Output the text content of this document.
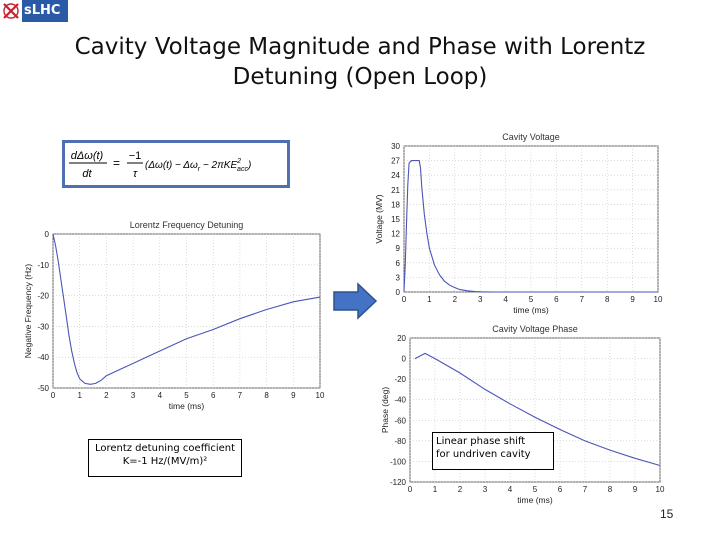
sLHC
Cavity Voltage Magnitude and Phase with Lorentz Detuning (Open Loop)
dΔω(t)
dt
= −1
τ
($\Delta\omega(t) - \Delta\omega_r - 2\pi KE^2$ acc)
0	1	2	3	4	5	6	7	8	9	10
0
-10
-20
-30
-40
-50
Lorentz Frequency Detuning
time (ms)
Negative Frequency (Hz)	0	1	2	3	4	5	6	7	8	9 10
0
3
6
9
12
15
18
21
24
27
30
Cavity Voltage
time (ms)
Voltage (MV)
0	1	2	3	4	5	6	7	8	9 10
20
0
-20
-40
-60
-80
-100
-120
Cavity Voltage Phase
time (ms)
Phase (deg)
Lorentz detuning coefficient
K=-1 Hz/(MV/m)²
Linear phase shift
for undriven cavity
15
